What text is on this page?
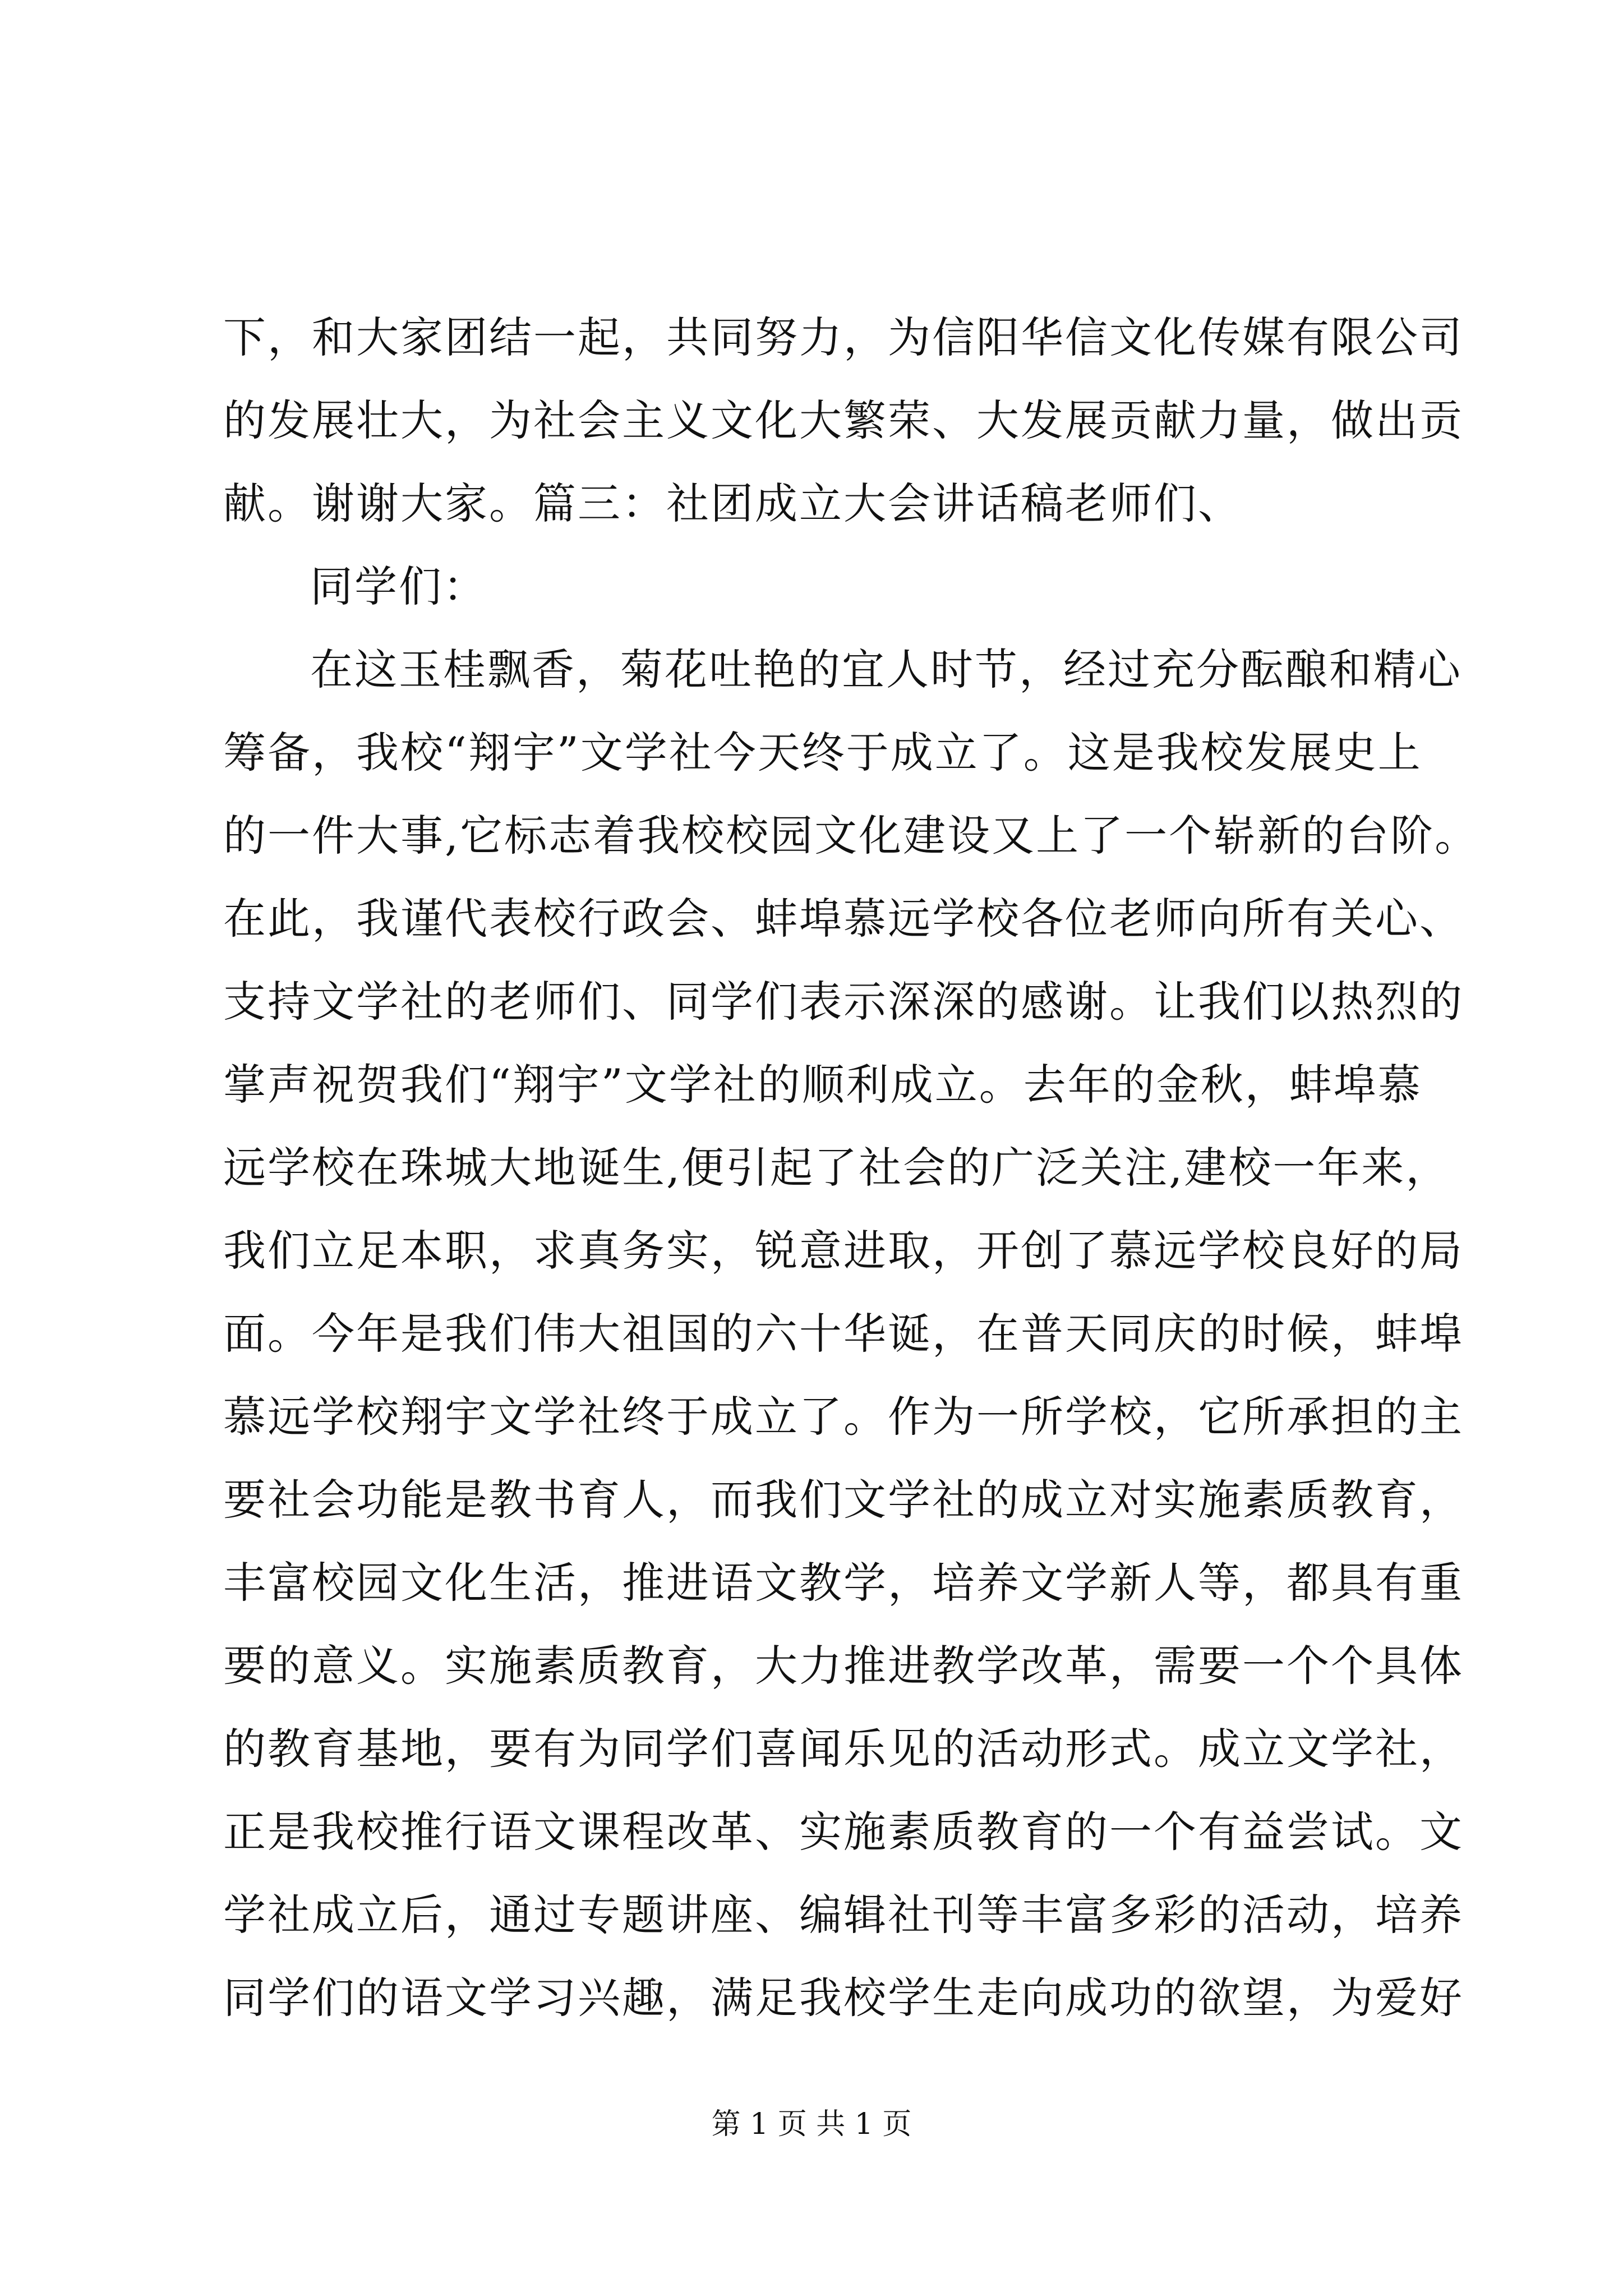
下，和大家团结一起，共同努力，为信阳华信文化传媒有限公司
的发展壮大，为社会主义文化大繁荣、大发展贡献力量，做出贡
献。谢谢大家。篇三：社团成立大会讲话稿老师们、
同学们：
在这玉桂飘香，菊花吐艳的宜人时节，经过充分酝酿和精心
筹备，我校“翔宇”文学社今天终于成立了。这是我校发展史上
的一件大事,它标志着我校校园文化建设又上了一个崭新的台阶。
在此，我谨代表校行政会、蚌埠慕远学校各位老师向所有关心、
支持文学社的老师们、同学们表示深深的感谢。让我们以热烈的
掌声祝贺我们“翔宇”文学社的顺利成立。去年的金秋，蚌埠慕
远学校在珠城大地诞生,便引起了社会的广泛关注,建校一年来，
我们立足本职，求真务实，锐意进取，开创了慕远学校良好的局
面。今年是我们伟大祖国的六十华诞，在普天同庆的时候，蚌埠
慕远学校翔宇文学社终于成立了。作为一所学校，它所承担的主
要社会功能是教书育人，而我们文学社的成立对实施素质教育，
丰富校园文化生活，推进语文教学，培养文学新人等，都具有重
要的意义。实施素质教育，大力推进教学改革，需要一个个具体
的教育基地，要有为同学们喜闻乐见的活动形式。成立文学社，
正是我校推行语文课程改革、实施素质教育的一个有益尝试。文
学社成立后，通过专题讲座、编辑社刊等丰富多彩的活动，培养
同学们的语文学习兴趣，满足我校学生走向成功的欲望，为爱好
第 1 页 共 1 页
